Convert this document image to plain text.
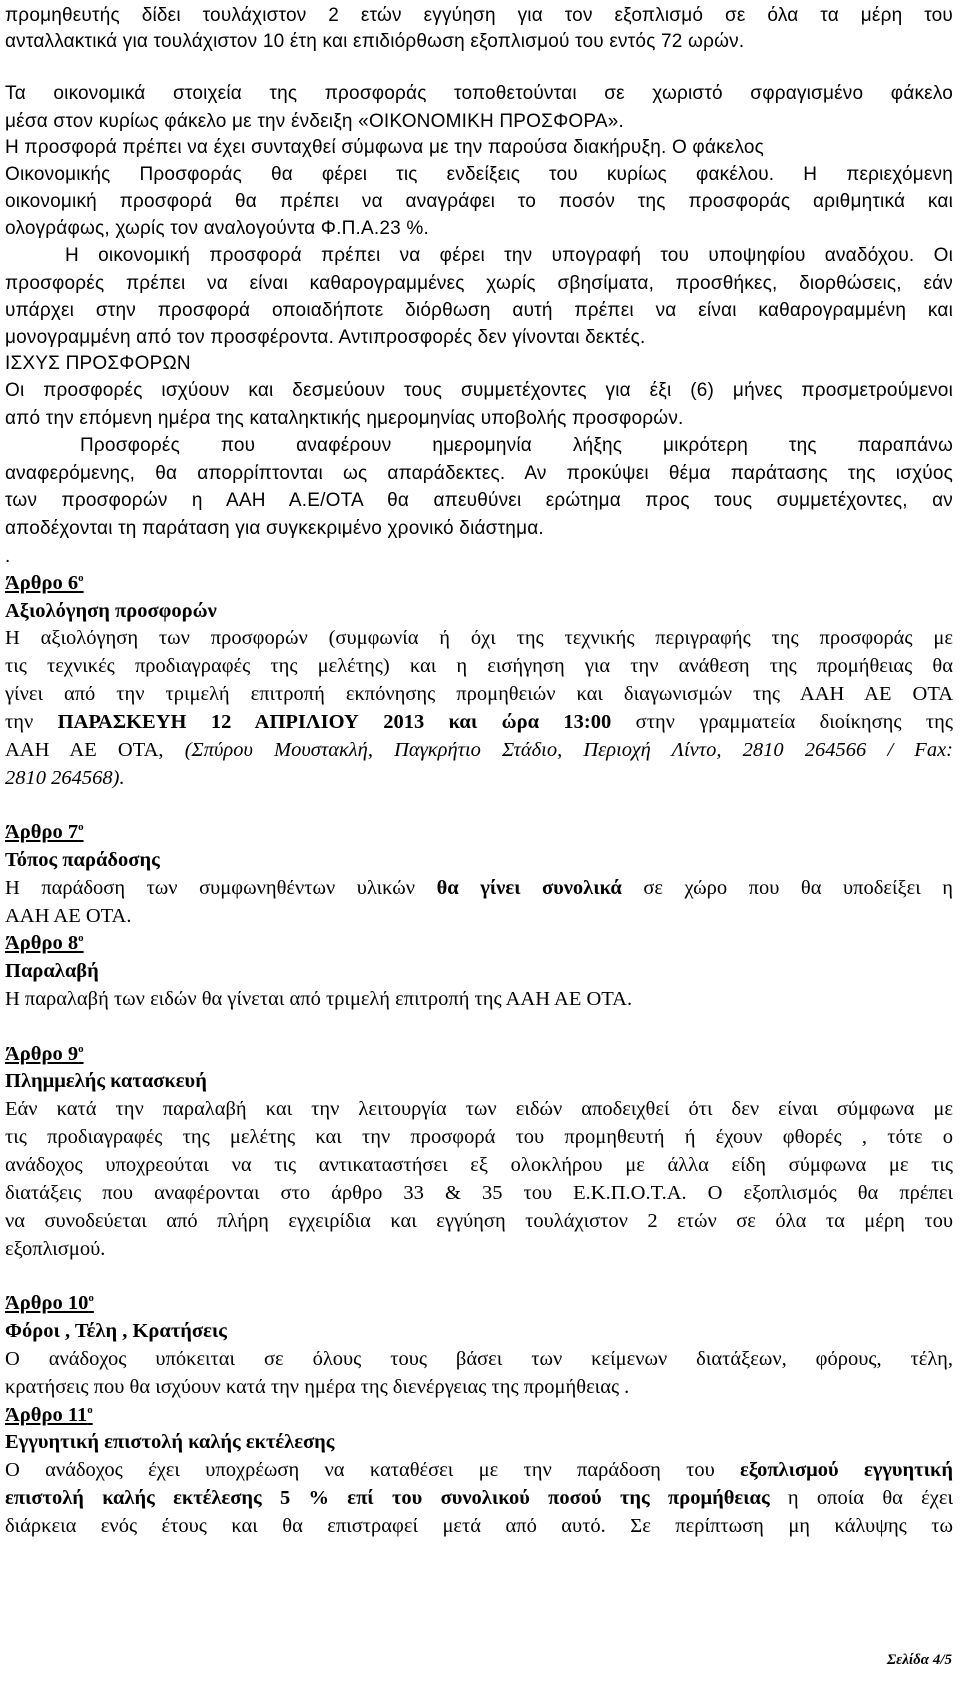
προμηθευτής δίδει τουλάχιστον 2 ετών εγγύηση για τον εξοπλισμό σε όλα τα μέρη του
ανταλλακτικά για τουλάχιστον 10 έτη και επιδιόρθωση εξοπλισμού του εντός 72 ωρών.
Τα οικονομικά στοιχεία της προσφοράς τοποθετούνται σε χωριστό σφραγισμένο φάκελο
μέσα στον κυρίως φάκελο με την ένδειξη «ΟΙΚΟΝΟΜΙΚΗ ΠΡΟΣΦΟΡΑ».
Η προσφορά πρέπει να έχει συνταχθεί σύμφωνα με την παρούσα διακήρυξη. Ο φάκελος
Οικονομικής Προσφοράς θα φέρει τις ενδείξεις του κυρίως φακέλου. Η περιεχόμενη
οικονομική προσφορά θα πρέπει να αναγράφει το ποσόν της προσφοράς αριθμητικά και
ολογράφως, χωρίς τον αναλογούντα Φ.Π.Α.23 %.
Η οικονομική προσφορά πρέπει να φέρει την υπογραφή του υποψηφίου αναδόχου. Οι
προσφορές πρέπει να είναι καθαρογραμμένες χωρίς σβησίματα, προσθήκες, διορθώσεις, εάν
υπάρχει στην προσφορά οποιαδήποτε διόρθωση αυτή πρέπει να είναι καθαρογραμμένη και
μονογραμμένη από τον προσφέροντα. Αντιπροσφορές δεν γίνονται δεκτές.
ΙΣΧΥΣ ΠΡΟΣΦΟΡΩΝ
Οι προσφορές ισχύουν και δεσμεύουν τους συμμετέχοντες για έξι (6) μήνες προσμετρούμενοι
από την επόμενη ημέρα της καταληκτικής ημερομηνίας υποβολής προσφορών.
Προσφορές που αναφέρουν ημερομηνία λήξης μικρότερη της παραπάνω
αναφερόμενης, θα απορρίπτονται ως απαράδεκτες. Αν προκύψει θέμα παράτασης της ισχύος
των προσφορών η ΑΑΗ Α.Ε/ΟΤΑ θα απευθύνει ερώτημα προς τους συμμετέχοντες, αν
αποδέχονται τη παράταση για συγκεκριμένο χρονικό διάστημα.
.
Άρθρο $6^o$
Αξιολόγηση προσφορών
Η αξιολόγηση των προσφορών (συμφωνία ή όχι της τεχνικής περιγραφής της προσφοράς με
τις τεχνικές προδιαγραφές της μελέτης) και η εισήγηση για την ανάθεση της προμήθειας θα
γίνει από την τριμελή επιτροπή εκπόνησης προμηθειών και διαγωνισμών της ΑΑΗ ΑΕ ΟΤΑ
την ΠΑΡΑΣΚΕΥΗ 12 ΑΠΡΙΛΙΟΥ 2013 και ώρα 13:00 στην γραμματεία διοίκησης της
ΑΑΗ ΑΕ ΟΤΑ, (Σπύρου Μουστακλή, Παγκρήτιο Στάδιο, Περιοχή Λίντο, 2810 264566 / Fax:
2810 264568).
Άρθρο $7^o$
Τόπος παράδοσης
Η παράδοση των συμφωνηθέντων υλικών θα γίνει συνολικά σε χώρο που θα υποδείξει η
ΑΑΗ ΑΕ ΟΤΑ.
Άρθρο $8^o$
Παραλαβή
Η παραλαβή των ειδών θα γίνεται από τριμελή επιτροπή της ΑΑΗ ΑΕ ΟΤΑ.
Άρθρο $9^o$
Πλημμελής κατασκευή
Εάν κατά την παραλαβή και την λειτουργία των ειδών αποδειχθεί ότι δεν είναι σύμφωνα με
τις προδιαγραφές της μελέτης και την προσφορά του προμηθευτή ή έχουν φθορές , τότε ο
ανάδοχος υποχρεούται να τις αντικαταστήσει εξ ολοκλήρου με άλλα είδη σύμφωνα με τις
διατάξεις που αναφέρονται στο άρθρο 33 & 35 του Ε.Κ.Π.Ο.Τ.Α. Ο εξοπλισμός θα πρέπει
να συνοδεύεται από πλήρη εγχειρίδια και εγγύηση τουλάχιστον 2 ετών σε όλα τα μέρη του
εξοπλισμού.
Άρθρο $10^o$
Φόροι , Τέλη , Κρατήσεις
Ο ανάδοχος υπόκειται σε όλους τους βάσει των κείμενων διατάξεων, φόρους, τέλη,
κρατήσεις που θα ισχύουν κατά την ημέρα της διενέργειας της προμήθειας .
Άρθρο $11^o$
Εγγυητική επιστολή καλής εκτέλεσης
Ο ανάδοχος έχει υποχρέωση να καταθέσει με την παράδοση του εξοπλισμού εγγυητική
επιστολή καλής εκτέλεσης 5 % επί του συνολικού ποσού της προμήθειας η οποία θα έχει
διάρκεια ενός έτους και θα επιστραφεί μετά από αυτό. Σε περίπτωση μη κάλυψης τω
Σελίδα 4/5
